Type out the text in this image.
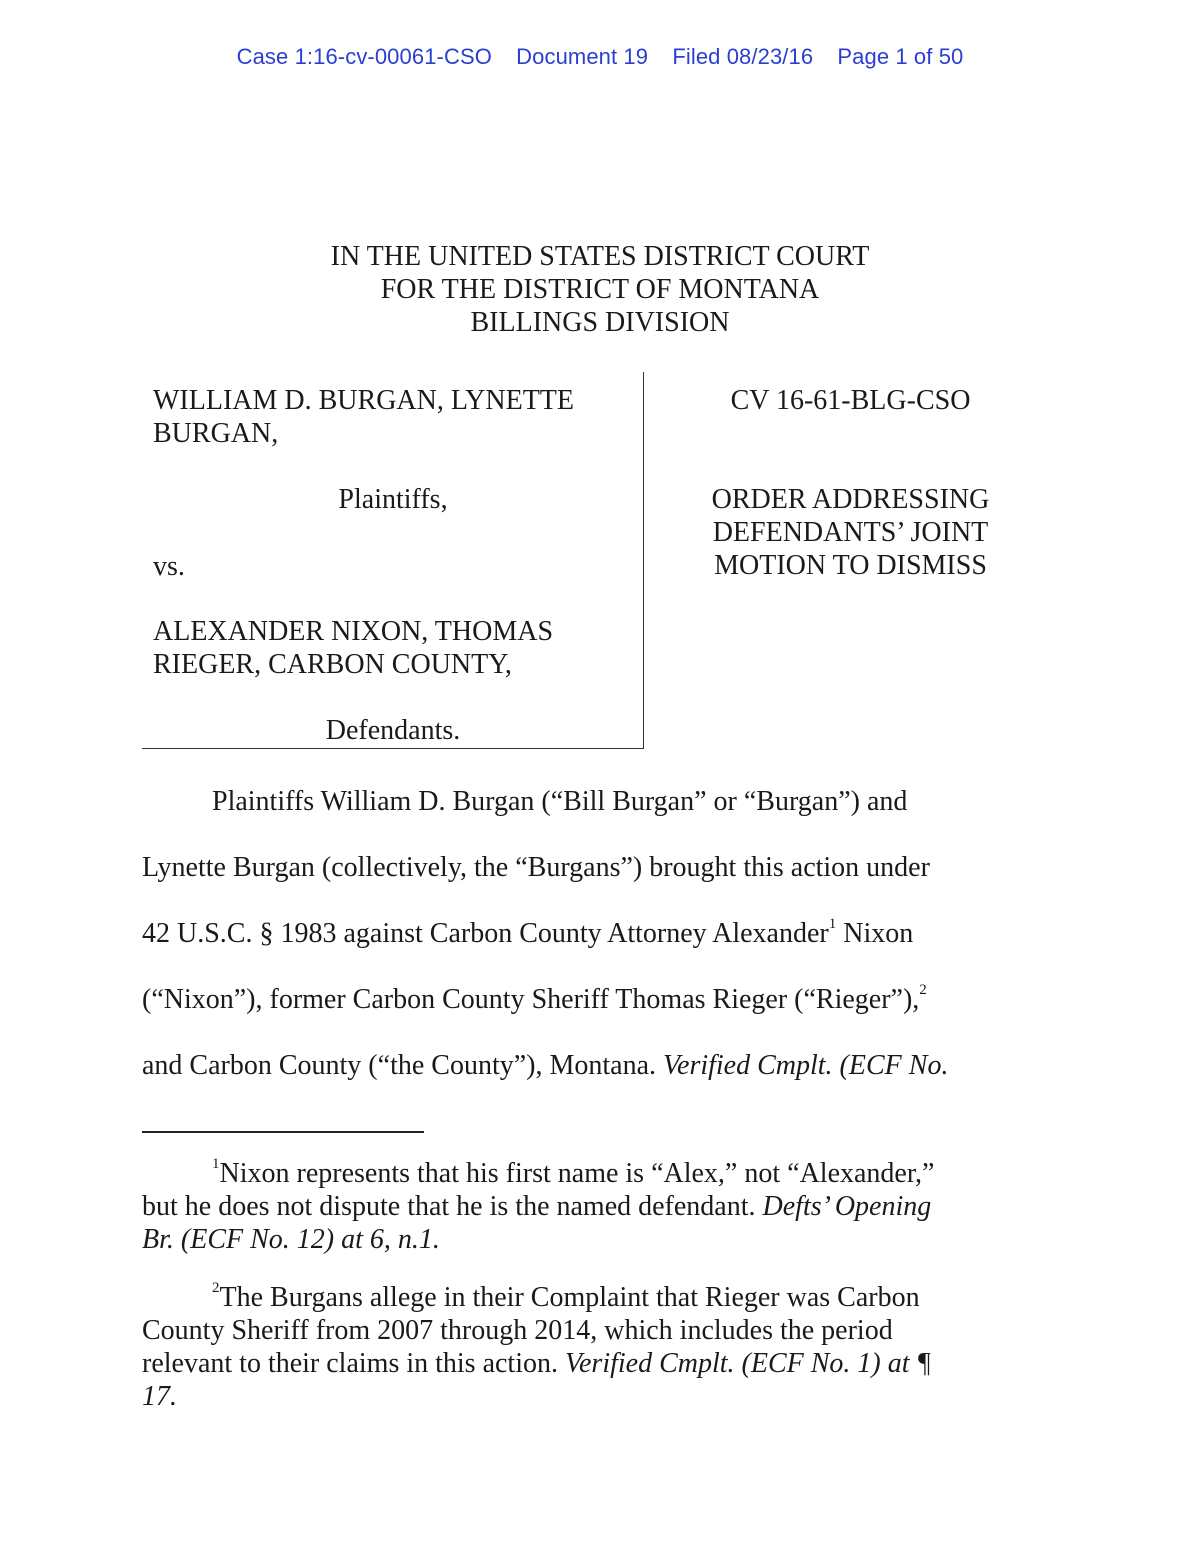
Case 1:16-cv-00061-CSO Document 19 Filed 08/23/16 Page 1 of 50
IN THE UNITED STATES DISTRICT COURT
FOR THE DISTRICT OF MONTANA
BILLINGS DIVISION
WILLIAM D. BURGAN, LYNETTE
BURGAN,
Plaintiffs,
vs.
ALEXANDER NIXON, THOMAS
RIEGER, CARBON COUNTY,
Defendants.
CV 16-61-BLG-CSO
ORDER ADDRESSING
DEFENDANTS’ JOINT
MOTION TO DISMISS
Plaintiffs William D. Burgan (“Bill Burgan” or “Burgan”) and
Lynette Burgan (collectively, the “Burgans”) brought this action under
42 U.S.C. § 1983 against Carbon County Attorney Alexander$^1$ Nixon
(“Nixon”), former Carbon County Sheriff Thomas Rieger (“Rieger”),$^2$
and Carbon County (“the County”), Montana. Verified Cmplt. (ECF No.
$^1$Nixon represents that his first name is “Alex,” not “Alexander,”
but he does not dispute that he is the named defendant. Defts’ Opening
Br. (ECF No. 12) at 6, n.1.
$^2$The Burgans allege in their Complaint that Rieger was Carbon
County Sheriff from 2007 through 2014, which includes the period
relevant to their claims in this action. Verified Cmplt. (ECF No. 1) at ¶
17.
